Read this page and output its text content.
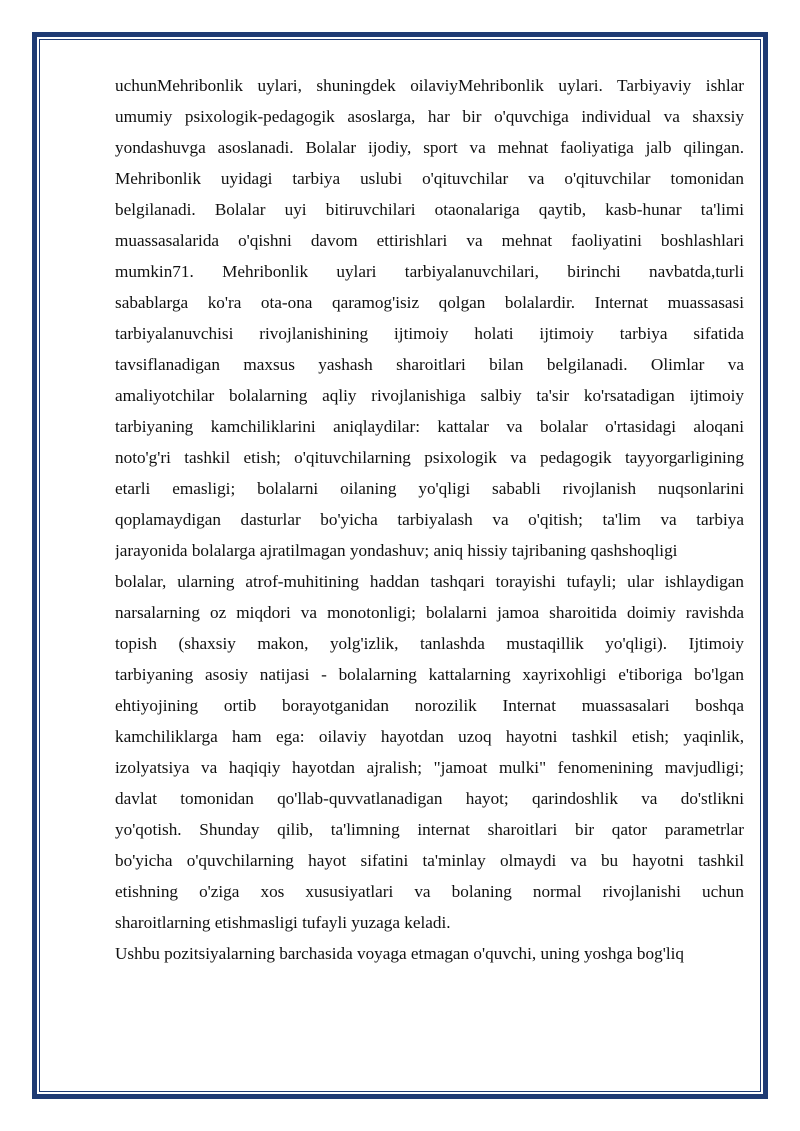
uchunMehribonlik uylari, shuningdek oilaviyMehribonlik uylari. Tarbiyaviy ishlar
umumiy psixologik-pedagogik asoslarga, har bir o'quvchiga individual va shaxsiy
yondashuvga asoslanadi. Bolalar ijodiy, sport va mehnat faoliyatiga jalb qilingan.
Mehribonlik uyidagi tarbiya uslubi o'qituvchilar va o'qituvchilar tomonidan
belgilanadi. Bolalar uyi bitiruvchilari otaonalariga qaytib, kasb-hunar ta'limi
muassasalarida o'qishni davom ettirishlari va mehnat faoliyatini boshlashlari
mumkin71. Mehribonlik uylari tarbiyalanuvchilari, birinchi navbatda,turli
sabablarga ko'ra ota-ona qaramog'isiz qolgan bolalardir. Internat muassasasi
tarbiyalanuvchisi rivojlanishining ijtimoiy holati ijtimoiy tarbiya sifatida
tavsiflanadigan maxsus yashash sharoitlari bilan belgilanadi. Olimlar va
amaliyotchilar bolalarning aqliy rivojlanishiga salbiy ta'sir ko'rsatadigan ijtimoiy
tarbiyaning kamchiliklarini aniqlaydilar: kattalar va bolalar o'rtasidagi aloqani
noto'g'ri tashkil etish; o'qituvchilarning psixologik va pedagogik tayyorgarligining
etarli emasligi; bolalarni oilaning yo'qligi sababli rivojlanish nuqsonlarini
qoplamaydigan dasturlar bo'yicha tarbiyalash va o'qitish; ta'lim va tarbiya
jarayonida bolalarga ajratilmagan yondashuv; aniq hissiy tajribaning qashshoqligi
bolalar, ularning atrof-muhitining haddan tashqari torayishi tufayli; ular ishlaydigan
narsalarning oz miqdori va monotonligi; bolalarni jamoa sharoitida doimiy ravishda
topish (shaxsiy makon, yolg'izlik, tanlashda mustaqillik yo'qligi). Ijtimoiy
tarbiyaning asosiy natijasi - bolalarning kattalarning xayrixohligi e'tiboriga bo'lgan
ehtiyojining ortib borayotganidan norozilik Internat muassasalari boshqa
kamchiliklarga ham ega: oilaviy hayotdan uzoq hayotni tashkil etish; yaqinlik,
izolyatsiya va haqiqiy hayotdan ajralish; "jamoat mulki" fenomenining mavjudligi;
davlat tomonidan qo'llab-quvvatlanadigan hayot; qarindoshlik va do'stlikni
yo'qotish. Shunday qilib, ta'limning internat sharoitlari bir qator parametrlar
bo'yicha o'quvchilarning hayot sifatini ta'minlay olmaydi va bu hayotni tashkil
etishning o'ziga xos xususiyatlari va bolaning normal rivojlanishi uchun
sharoitlarning etishmasligi tufayli yuzaga keladi.
Ushbu pozitsiyalarning barchasida voyaga etmagan o'quvchi, uning yoshga bog'liq
